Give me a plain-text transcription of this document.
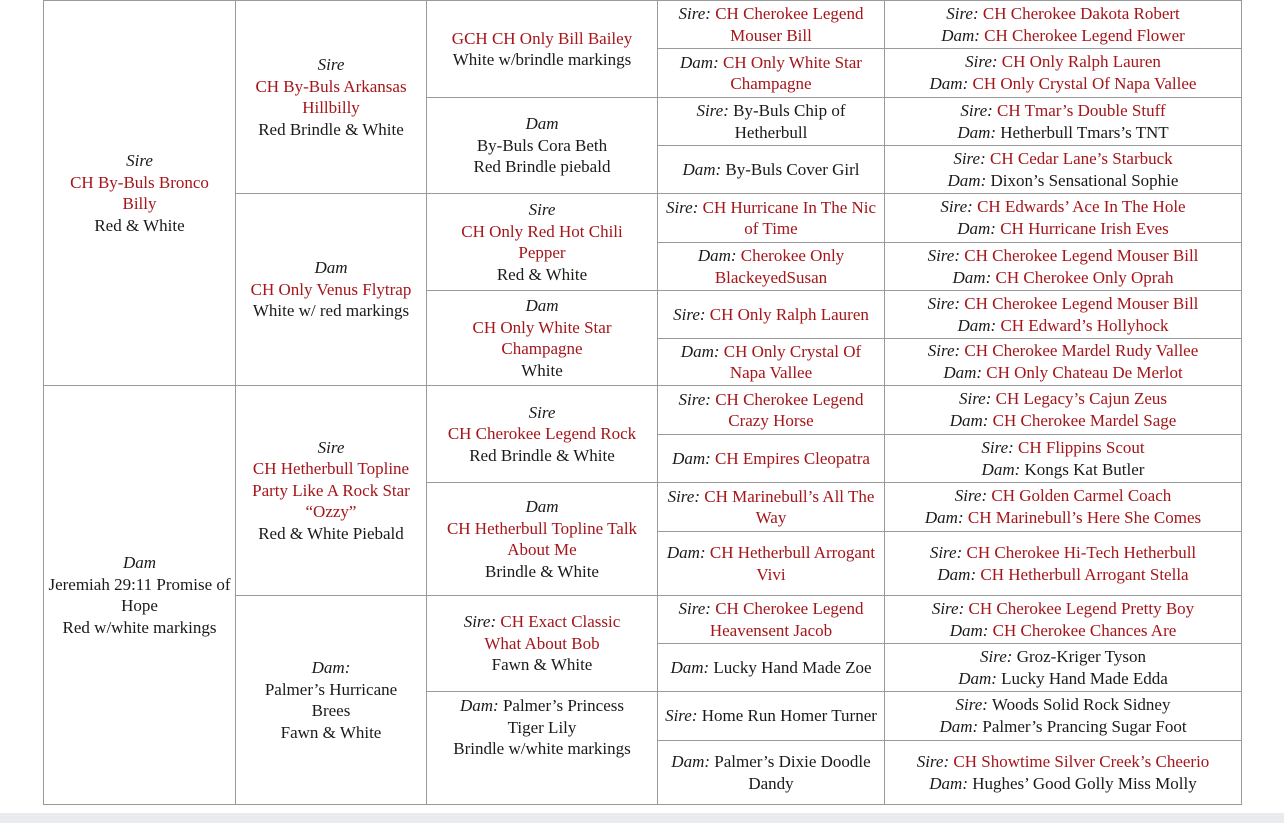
Sire
CH By-Buls Bronco Billy
Red & White
Dam
Jeremiah 29:11 Promise of Hope
Red w/white markings
Sire
CH By-Buls Arkansas Hillbilly
Red Brindle & White
Dam
CH Only Venus Flytrap
White w/ red markings
Sire
CH Hetherbull Topline Party Like A Rock Star “Ozzy”
Red & White Piebald
Dam:
Palmer’s Hurricane Brees
Fawn & White
GCH CH Only Bill Bailey
White w/brindle markings
Dam
By-Buls Cora Beth
Red Brindle piebald
Sire
CH Only Red Hot Chili Pepper
Red & White
Dam
CH Only White Star Champagne
White
Sire
CH Cherokee Legend Rock
Red Brindle & White
Dam
CH Hetherbull Topline Talk About Me
Brindle & White
Sire: CH Exact Classic What About Bob
Fawn & White
Dam: Palmer’s Princess Tiger Lily
Brindle w/white markings
Sire: CH Cherokee Legend Mouser Bill
Dam: CH Only White Star Champagne
Sire: By-Buls Chip of Hetherbull
Dam: By-Buls Cover Girl
Sire: CH Hurricane In The Nic of Time
Dam: Cherokee Only BlackeyedSusan
Sire: CH Only Ralph Lauren
Dam: CH Only Crystal Of Napa Vallee
Sire: CH Cherokee Legend Crazy Horse
Dam: CH Empires Cleopatra
Sire: CH Marinebull’s All The Way
Dam: CH Hetherbull Arrogant Vivi
Sire: CH Cherokee Legend Heavensent Jacob
Dam: Lucky Hand Made Zoe
Sire: Home Run Homer Turner
Dam: Palmer’s Dixie Doodle Dandy
Sire: CH Cherokee Dakota Robert
Dam: CH Cherokee Legend Flower
Sire: CH Only Ralph Lauren
Dam: CH Only Crystal Of Napa Vallee
Sire: CH Tmar’s Double Stuff
Dam: Hetherbull Tmars’s TNT
Sire: CH Cedar Lane’s Starbuck
Dam: Dixon’s Sensational Sophie
Sire: CH Edwards’ Ace In The Hole
Dam: CH Hurricane Irish Eves
Sire: CH Cherokee Legend Mouser Bill
Dam: CH Cherokee Only Oprah
Sire: CH Cherokee Legend Mouser Bill
Dam: CH Edward’s Hollyhock
Sire: CH Cherokee Mardel Rudy Vallee
Dam: CH Only Chateau De Merlot
Sire: CH Legacy’s Cajun Zeus
Dam: CH Cherokee Mardel Sage
Sire: CH Flippins Scout
Dam: Kongs Kat Butler
Sire: CH Golden Carmel Coach
Dam: CH Marinebull’s Here She Comes
Sire: CH Cherokee Hi-Tech Hetherbull
Dam: CH Hetherbull Arrogant Stella
Sire: CH Cherokee Legend Pretty Boy
Dam: CH Cherokee Chances Are
Sire: Groz-Kriger Tyson
Dam: Lucky Hand Made Edda
Sire: Woods Solid Rock Sidney
Dam: Palmer’s Prancing Sugar Foot
Sire: CH Showtime Silver Creek’s Cheerio
Dam: Hughes’ Good Golly Miss Molly
